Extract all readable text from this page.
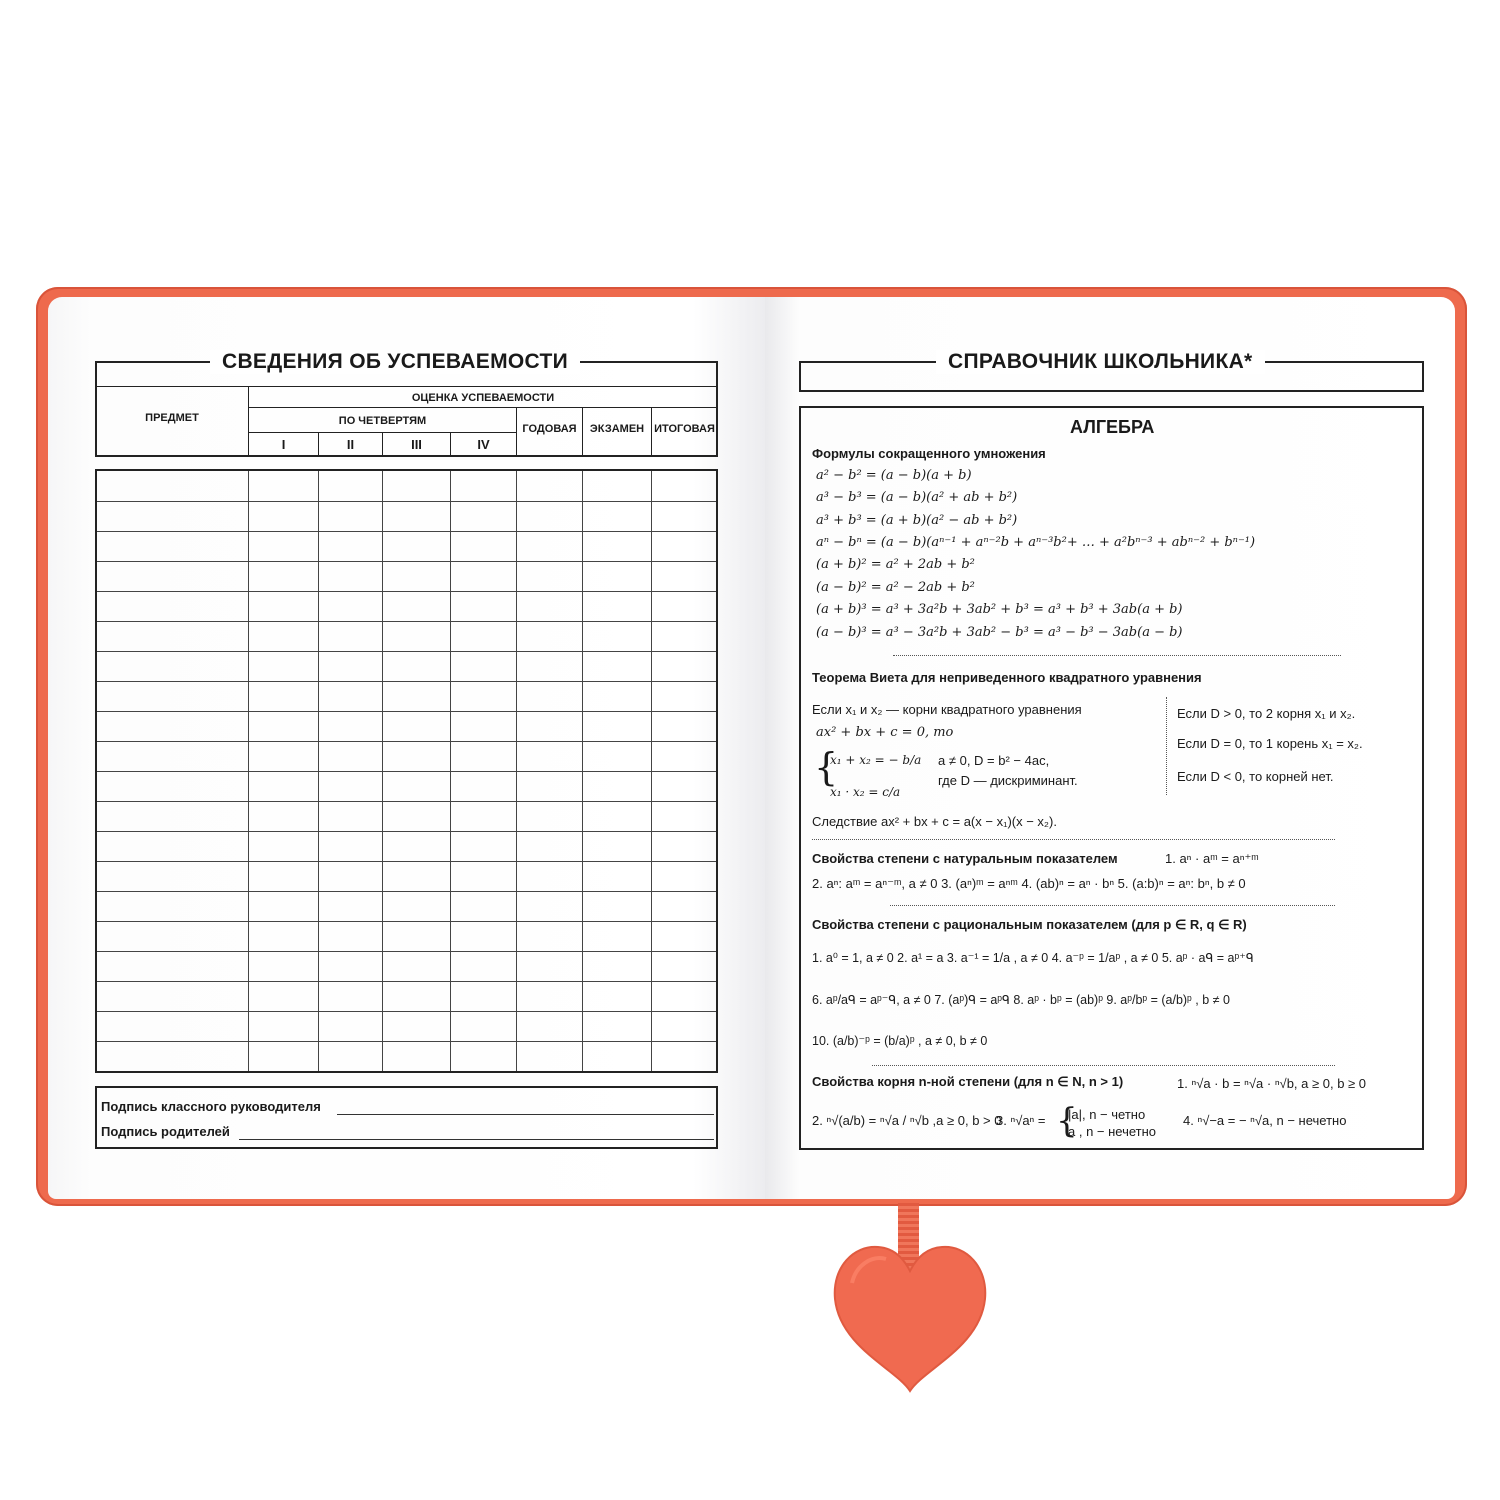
СВЕДЕНИЯ ОБ УСПЕВАЕМОСТИ
ПРЕДМЕТ
ОЦЕНКА УСПЕВАЕМОСТИ
ПО ЧЕТВЕРТЯМ
I	II	III	IV
ГОДОВАЯ	ЭКЗАМЕН ИТОГОВАЯ
Подпись классного руководителя
Подпись родителей
СПРАВОЧНИК ШКОЛЬНИКА*
АЛГЕБРА
Формулы сокращенного умножения
a² − b² = (a − b)(a + b)
a³ − b³ = (a − b)(a² + ab + b²)
a³ + b³ = (a + b)(a² − ab + b²)
aⁿ − bⁿ = (a − b)(aⁿ⁻¹ + aⁿ⁻²b + aⁿ⁻³b²+ … + a²bⁿ⁻³ + abⁿ⁻² + bⁿ⁻¹)
(a + b)² = a² + 2ab + b²
(a − b)² = a² − 2ab + b²
(a + b)³ = a³ + 3a²b + 3ab² + b³ = a³ + b³ + 3ab(a + b)
(a − b)³ = a³ − 3a²b + 3ab² − b³ = a³ − b³ − 3ab(a − b)
Теорема Виета для неприведенного квадратного уравнения
Если x₁ и x₂ — корни квадратного уравнения
ax² + bx + c = 0, то
{
x₁ + x₂ = − b/a
x₁ · x₂ = c/a
a ≠ 0, D = b² − 4ac,
где D — дискриминант.
Следствие ax² + bx + c = a(x − x₁)(x − x₂).
Если D > 0, то 2 корня x₁ и x₂.
Если D = 0, то 1 корень x₁ = x₂.
Если D < 0, то корней нет.
Свойства степени с натуральным показателем	1. aⁿ · aᵐ = aⁿ⁺ᵐ
2. aⁿ: aᵐ = aⁿ⁻ᵐ, a ≠ 0 3. (aⁿ)ᵐ = aⁿᵐ 4. (ab)ⁿ = aⁿ · bⁿ 5. (a:b)ⁿ = aⁿ: bⁿ, b ≠ 0
Свойства степени с рациональным показателем (для p ∈ R, q ∈ R)
1. a⁰ = 1, a ≠ 0 2. a¹ = a 3. a⁻¹ = 1/a , a ≠ 0 4. a⁻ᵖ = 1/aᵖ , a ≠ 0 5. aᵖ · aᑫ = aᵖ⁺ᑫ
6. aᵖ/aᑫ = aᵖ⁻ᑫ, a ≠ 0 7. (aᵖ)ᑫ = aᵖᑫ 8. aᵖ · bᵖ = (ab)ᵖ 9. aᵖ/bᵖ = (a/b)ᵖ , b ≠ 0
10. (a/b)⁻ᵖ = (b/a)ᵖ , a ≠ 0, b ≠ 0
Свойства корня n-ной степени (для n ∈ N, n > 1)	1. ⁿ√a · b = ⁿ√a · ⁿ√b, a ≥ 0, b ≥ 0
2. ⁿ√(a/b) = ⁿ√a / ⁿ√b ,a ≥ 0, b > 0
3. ⁿ√aⁿ = {
|a|, n − четно
a , n − нечетно
4. ⁿ√−a = − ⁿ√a, n − нечетно
